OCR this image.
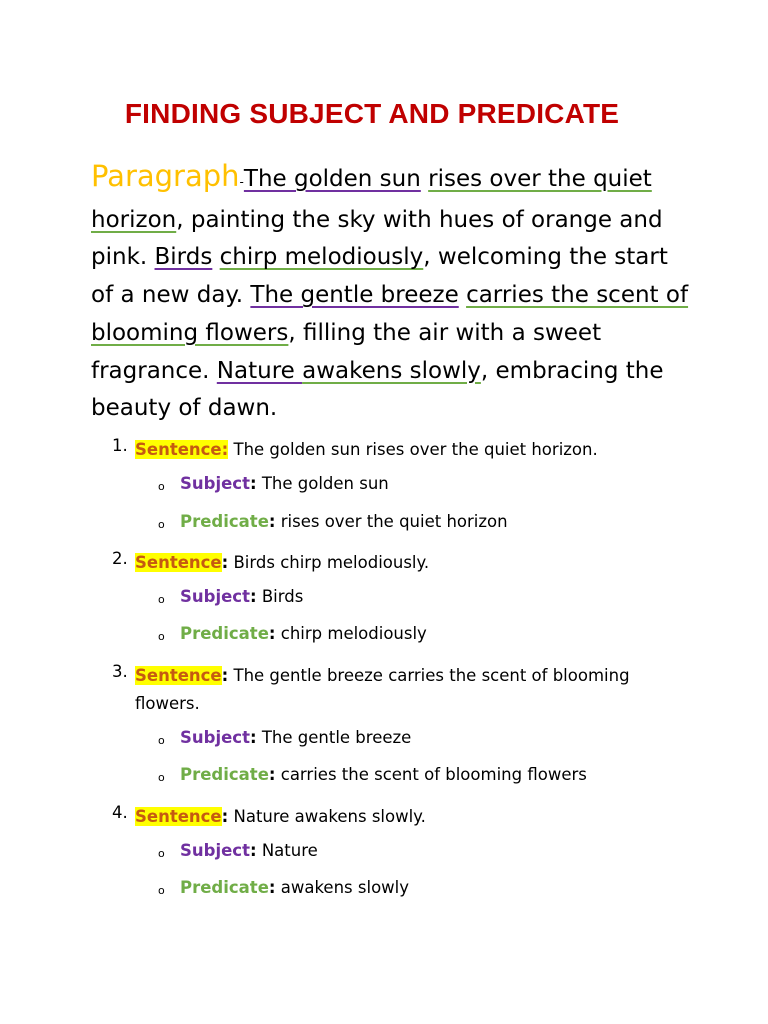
FINDING SUBJECT AND PREDICATE
Paragraph-The golden sun rises over the quiet horizon, painting the sky with hues of orange and pink. Birds chirp melodiously, welcoming the start of a new day. The gentle breeze carries the scent of blooming flowers, filling the air with a sweet fragrance. Nature awakens slowly, embracing the beauty of dawn.
1. Sentence: The golden sun rises over the quiet horizon.
o Subject: The golden sun
o Predicate: rises over the quiet horizon
2. Sentence: Birds chirp melodiously.
o Subject: Birds
o Predicate: chirp melodiously
3. Sentence: The gentle breeze carries the scent of blooming flowers.
o Subject: The gentle breeze
o Predicate: carries the scent of blooming flowers
4. Sentence: Nature awakens slowly.
o Subject: Nature
o Predicate: awakens slowly
